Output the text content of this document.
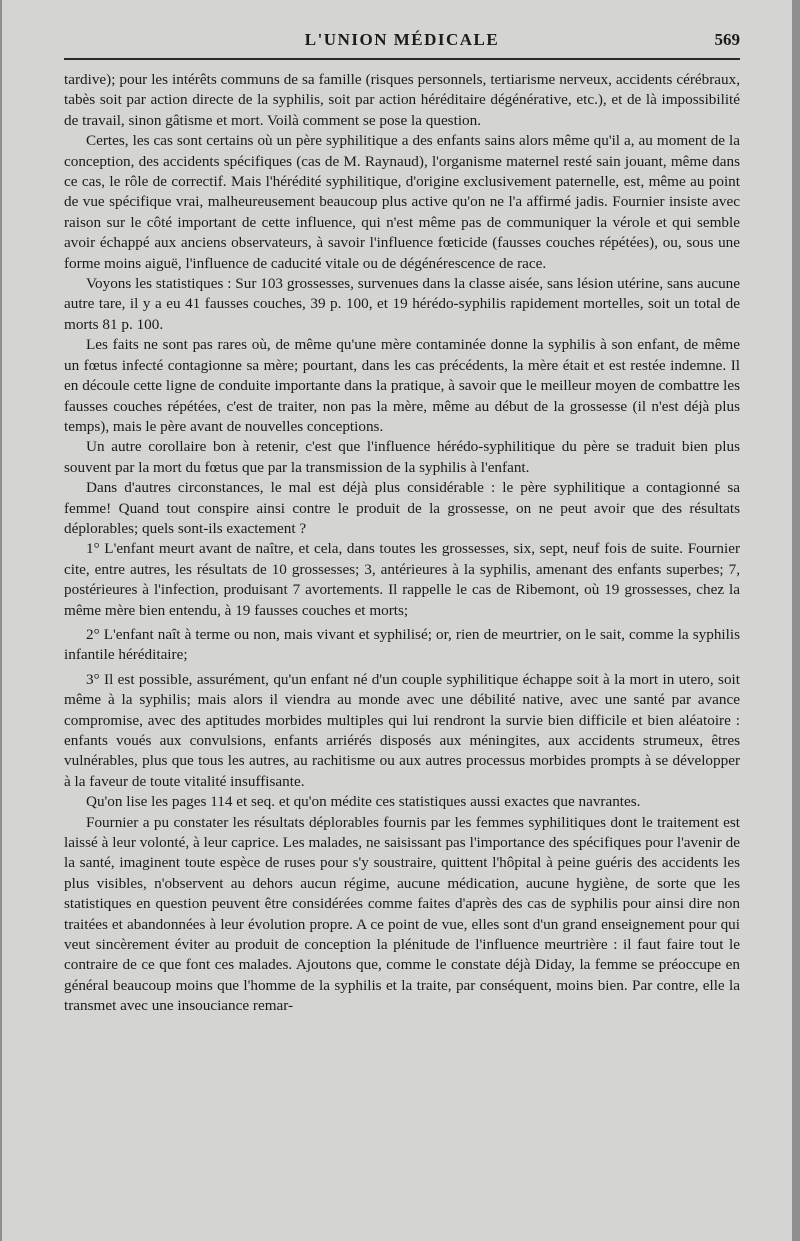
L'UNION MÉDICALE	569

tardive); pour les intérêts communs de sa famille (risques personnels, tertiarisme nerveux, accidents cérébraux, tabès soit par action directe de la syphilis, soit par action héréditaire dégénérative, etc.), et de là impossibilité de travail, sinon gâtisme et mort. Voilà comment se pose la question.

Certes, les cas sont certains où un père syphilitique a des enfants sains alors même qu'il a, au moment de la conception, des accidents spécifiques (cas de M. Raynaud), l'organisme maternel resté sain jouant, même dans ce cas, le rôle de correctif. Mais l'hérédité syphilitique, d'origine exclusivement paternelle, est, même au point de vue spécifique vrai, malheureusement beaucoup plus active qu'on ne l'a affirmé jadis. Fournier insiste avec raison sur le côté important de cette influence, qui n'est même pas de communiquer la vérole et qui semble avoir échappé aux anciens observateurs, à savoir l'influence fœticide (fausses couches répétées), ou, sous une forme moins aiguë, l'influence de caducité vitale ou de dégénérescence de race.

Voyons les statistiques : Sur 103 grossesses, survenues dans la classe aisée, sans lésion utérine, sans aucune autre tare, il y a eu 41 fausses couches, 39 p. 100, et 19 hérédo-syphilis rapidement mortelles, soit un total de morts 81 p. 100.

Les faits ne sont pas rares où, de même qu'une mère contaminée donne la syphilis à son enfant, de même un fœtus infecté contagionne sa mère; pourtant, dans les cas précédents, la mère était et est restée indemne. Il en découle cette ligne de conduite importante dans la pratique, à savoir que le meilleur moyen de combattre les fausses couches répétées, c'est de traiter, non pas la mère, même au début de la grossesse (il n'est déjà plus temps), mais le père avant de nouvelles conceptions.

Un autre corollaire bon à retenir, c'est que l'influence hérédo-syphilitique du père se traduit bien plus souvent par la mort du fœtus que par la transmission de la syphilis à l'enfant.

Dans d'autres circonstances, le mal est déjà plus considérable : le père syphilitique a contagionné sa femme! Quand tout conspire ainsi contre le produit de la grossesse, on ne peut avoir que des résultats déplorables; quels sont-ils exactement ?

1° L'enfant meurt avant de naître, et cela, dans toutes les grossesses, six, sept, neuf fois de suite. Fournier cite, entre autres, les résultats de 10 grossesses; 3, antérieures à la syphilis, amenant des enfants superbes; 7, postérieures à l'infection, produisant 7 avortements. Il rappelle le cas de Ribemont, où 19 grossesses, chez la même mère bien entendu, à 19 fausses couches et morts;

2° L'enfant naît à terme ou non, mais vivant et syphilisé; or, rien de meurtrier, on le sait, comme la syphilis infantile héréditaire;

3° Il est possible, assurément, qu'un enfant né d'un couple syphilitique échappe soit à la mort in utero, soit même à la syphilis; mais alors il viendra au monde avec une débilité native, avec une santé par avance compromise, avec des aptitudes morbides multiples qui lui rendront la survie bien difficile et bien aléatoire : enfants voués aux convulsions, enfants arriérés disposés aux méningites, aux accidents strumeux, êtres vulnérables, plus que tous les autres, au rachitisme ou aux autres processus morbides prompts à se développer à la faveur de toute vitalité insuffisante.

Qu'on lise les pages 114 et seq. et qu'on médite ces statistiques aussi exactes que navrantes.

Fournier a pu constater les résultats déplorables fournis par les femmes syphilitiques dont le traitement est laissé à leur volonté, à leur caprice. Les malades, ne saisissant pas l'importance des spécifiques pour l'avenir de la santé, imaginent toute espèce de ruses pour s'y soustraire, quittent l'hôpital à peine guéris des accidents les plus visibles, n'observent au dehors aucun régime, aucune médication, aucune hygiène, de sorte que les statistiques en question peuvent être considérées comme faites d'après des cas de syphilis pour ainsi dire non traitées et abandonnées à leur évolution propre. A ce point de vue, elles sont d'un grand enseignement pour qui veut sincèrement éviter au produit de conception la plénitude de l'influence meurtrière : il faut faire tout le contraire de ce que font ces malades. Ajoutons que, comme le constate déjà Diday, la femme se préoccupe en général beaucoup moins que l'homme de la syphilis et la traite, par conséquent, moins bien. Par contre, elle la transmet avec une insouciance remar-
